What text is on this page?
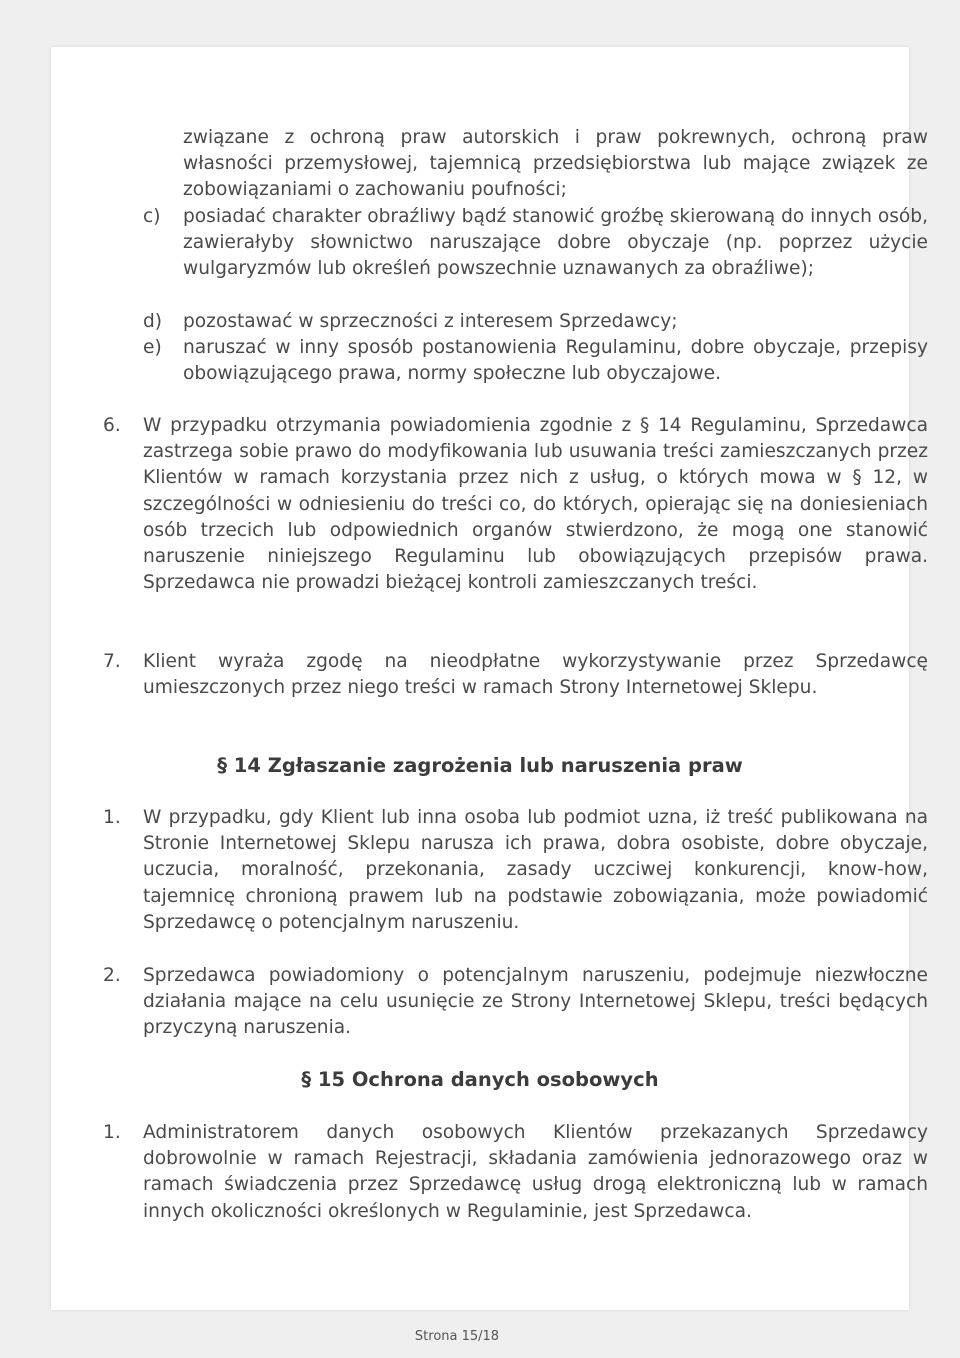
związane z ochroną praw autorskich i praw pokrewnych, ochroną praw własności przemysłowej, tajemnicą przedsiębiorstwa lub mające związek ze zobowiązaniami o zachowaniu poufności;
c) posiadać charakter obraźliwy bądź stanowić groźbę skierowaną do innych osób, zawierałyby słownictwo naruszające dobre obyczaje (np. poprzez użycie wulgaryzmów lub określeń powszechnie uznawanych za obraźliwe);
d) pozostawać w sprzeczności z interesem Sprzedawcy;
e) naruszać w inny sposób postanowienia Regulaminu, dobre obyczaje, przepisy obowiązującego prawa, normy społeczne lub obyczajowe.
6. W przypadku otrzymania powiadomienia zgodnie z § 14 Regulaminu, Sprzedawca zastrzega sobie prawo do modyfikowania lub usuwania treści zamieszczanych przez Klientów w ramach korzystania przez nich z usług, o których mowa w § 12, w szczególności w odniesieniu do treści co, do których, opierając się na doniesieniach osób trzecich lub odpowiednich organów stwierdzono, że mogą one stanowić naruszenie niniejszego Regulaminu lub obowiązujących przepisów prawa. Sprzedawca nie prowadzi bieżącej kontroli zamieszczanych treści.
7. Klient wyraża zgodę na nieodpłatne wykorzystywanie przez Sprzedawcę umieszczonych przez niego treści w ramach Strony Internetowej Sklepu.
§ 14 Zgłaszanie zagrożenia lub naruszenia praw
1. W przypadku, gdy Klient lub inna osoba lub podmiot uzna, iż treść publikowana na Stronie Internetowej Sklepu narusza ich prawa, dobra osobiste, dobre obyczaje, uczucia, moralność, przekonania, zasady uczciwej konkurencji, know-how, tajemnicę chronioną prawem lub na podstawie zobowiązania, może powiadomić Sprzedawcę o potencjalnym naruszeniu.
2. Sprzedawca powiadomiony o potencjalnym naruszeniu, podejmuje niezwłoczne działania mające na celu usunięcie ze Strony Internetowej Sklepu, treści będących przyczyną naruszenia.
§ 15 Ochrona danych osobowych
1. Administratorem danych osobowych Klientów przekazanych Sprzedawcy dobrowolnie w ramach Rejestracji, składania zamówienia jednorazowego oraz w ramach świadczenia przez Sprzedawcę usług drogą elektroniczną lub w ramach innych okoliczności określonych w Regulaminie, jest Sprzedawca.
Strona 15/18
